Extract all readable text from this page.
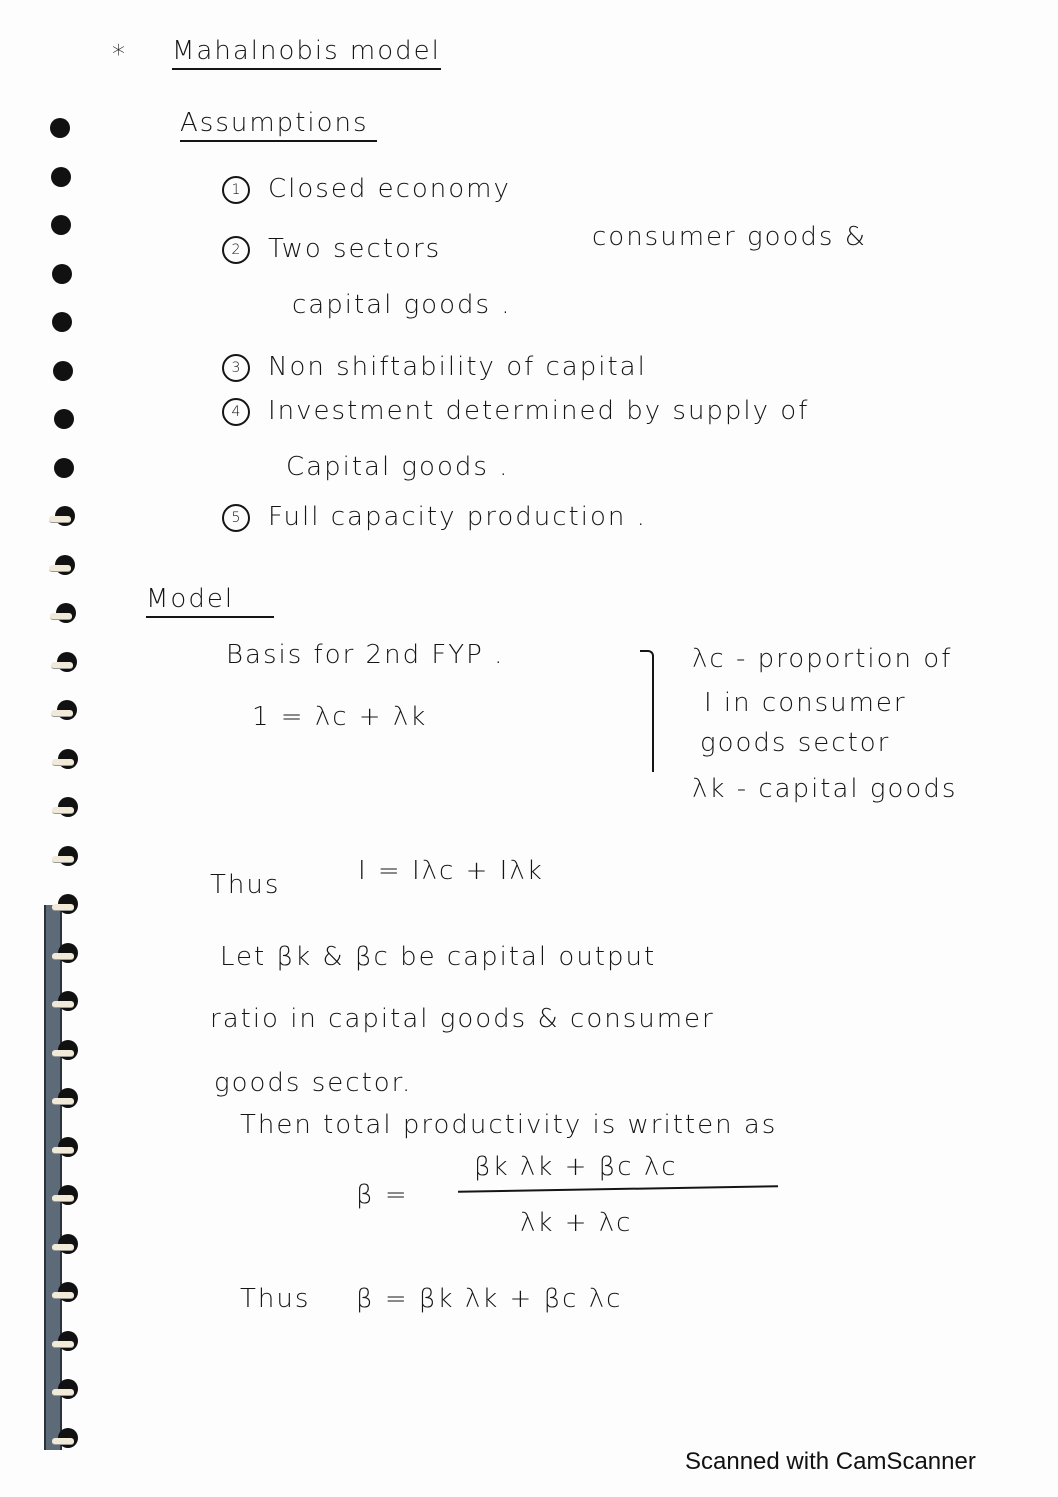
* Mahalnobis model
Assumptions
1 Closed economy
2 Two sectors	consumer goods &
capital goods .
3 Non shiftability of capital
4 Investment determined by supply of
Capital goods .
5 Full capacity production .
Model
Basis for 2nd FYP .
1 = λc + λk
λc - proportion of
I in consumer
goods sector
λk - capital goods
Thus	I = Iλc + Iλk
Let βk & βc be capital output
ratio in capital goods & consumer
goods sector.
Then total productivity is written as
β =
βk λk + βc λc
λk + λc
Thus β = βk λk + βc λc
Scanned with CamScanner
